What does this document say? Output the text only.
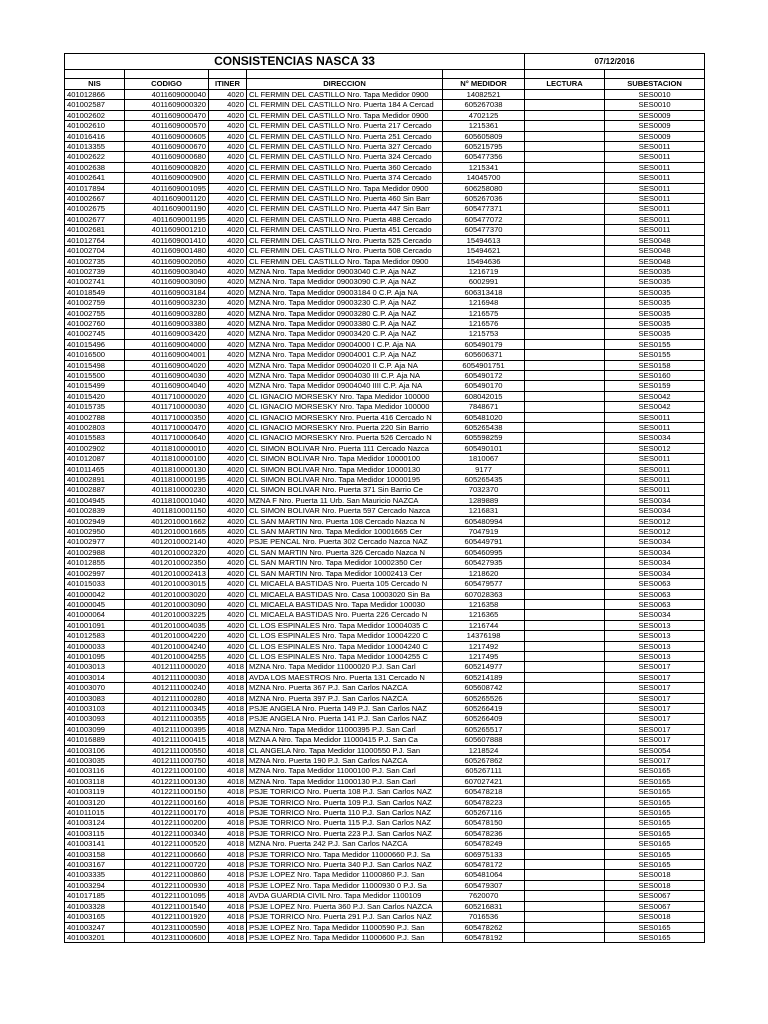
CONSISTENCIAS NASCA 33					07/12/2016	

NIS	CODIGO	ITINER	DIRECCION	N° MEDIDOR	LECTURA	SUBESTACION
401012866	4011609000040	4020	CL FERMIN DEL CASTILLO Nro. Tapa Medidor 0900	14082521		SES0010
401002587	4011609000320	4020	CL FERMIN DEL CASTILLO Nro. Puerta 184 A Cercad	605267038		SES0010
401002602	4011609000470	4020	CL FERMIN DEL CASTILLO Nro. Tapa Medidor 0900	4702125		SES0009
401002610	4011609000570	4020	CL FERMIN DEL CASTILLO Nro. Puerta 217 Cercado	1215361		SES0009
401016416	4011609000605	4020	CL FERMIN DEL CASTILLO Nro. Puerta 251 Cercado	605605809		SES0009
401013355	4011609000670	4020	CL FERMIN DEL CASTILLO Nro. Puerta 327 Cercado	605215795		SES0011
401002622	4011609000680	4020	CL FERMIN DEL CASTILLO Nro. Puerta 324 Cercado	605477356		SES0011
401002638	4011609000820	4020	CL FERMIN DEL CASTILLO Nro. Puerta 360 Cercado	1215341		SES0011
401002641	4011609000900	4020	CL FERMIN DEL CASTILLO Nro. Puerta 374 Cercado	14045700		SES0011
401017894	4011609001095	4020	CL FERMIN DEL CASTILLO Nro. Tapa Medidor 0900	606258080		SES0011
401002667	4011609001120	4020	CL FERMIN DEL CASTILLO Nro. Puerta 460 Sin Barr	605267036		SES0011
401002675	4011609001190	4020	CL FERMIN DEL CASTILLO Nro. Puerta 447 Sin Barr	605477371		SES0011
401002677	4011609001195	4020	CL FERMIN DEL CASTILLO Nro. Puerta 488 Cercado	605477072		SES0011
401002681	4011609001210	4020	CL FERMIN DEL CASTILLO Nro. Puerta 451 Cercado	605477370		SES0011
401012764	4011609001410	4020	CL FERMIN DEL CASTILLO Nro. Puerta 525 Cercado	15494613		SES0048
401002704	4011609001480	4020	CL FERMIN DEL CASTILLO Nro. Puerta 508 Cercado	15494621		SES0048
401002735	4011609002050	4020	CL FERMIN DEL CASTILLO Nro. Tapa Medidor 0900	15494636		SES0048
401002739	4011609003040	4020	MZNA Nro. Tapa Medidor 09003040 C.P. Aja NAZ	1216719		SES0035
401002741	4011609003090	4020	MZNA Nro. Tapa Medidor 09003090 C.P. Aja NAZ	6002991		SES0035
401018549	4011609003184	4020	MZNA Nro. Tapa Medidor 09003184 0 C.P. Aja NA	606313418		SES0035
401002759	4011609003230	4020	MZNA Nro. Tapa Medidor 09003230 C.P. Aja NAZ	1216948		SES0035
401002755	4011609003280	4020	MZNA Nro. Tapa Medidor 09003280 C.P. Aja NAZ	1216575		SES0035
401002760	4011609003380	4020	MZNA Nro. Tapa Medidor 09003380 C.P. Aja NAZ	1216576		SES0035
401002745	4011609003420	4020	MZNA Nro. Tapa Medidor 09003420 C.P. Aja NAZ	1215753		SES0035
401015496	4011609004000	4020	MZNA Nro. Tapa Medidor 09004000 I C.P. Aja NA	605490179		SES0155
401016500	4011609004001	4020	MZNA Nro. Tapa Medidor 09004001 C.P. Aja NAZ	605606371		SES0155
401015498	4011609004020	4020	MZNA Nro. Tapa Medidor 09004020 II C.P. Aja NA	6054901751		SES0158
401015500	4011609004030	4020	MZNA Nro. Tapa Medidor 09004030 III C.P. Aja NA	605490172		SES0160
401015499	4011609004040	4020	MZNA Nro. Tapa Medidor 09004040 IIII C.P. Aja NA	605490170		SES0159
401015420	4011710000020	4020	CL IGNACIO MORSESKY Nro. Tapa Medidor 100000	608042015		SES0042
401015735	4011710000030	4020	CL IGNACIO MORSESKY Nro. Tapa Medidor 100000	7848671		SES0042
401002788	4011710000350	4020	CL IGNACIO MORSESKY Nro. Puerta 416 Cercado N	605481020		SES0011
401002803	4011710000470	4020	CL IGNACIO MORSESKY Nro. Puerta 220 Sin Barrio	605265438		SES0011
401015583	4011710000640	4020	CL IGNACIO MORSESKY Nro. Puerta 526 Cercado N	605598259		SES0034
401002902	4011810000010	4020	CL SIMON BOLIVAR Nro. Puerta 111 Cercado Nazca	605490101		SES0012
401012087	4011810000100	4020	CL SIMON BOLIVAR Nro. Tapa Medidor 10000100	1810067		SES0011
401011465	4011810000130	4020	CL SIMON BOLIVAR Nro. Tapa Medidor 10000130	9177		SES0011
401002891	4011810000195	4020	CL SIMON BOLIVAR Nro. Tapa Medidor 10000195	605265435		SES0011
401002887	4011810000230	4020	CL SIMON BOLIVAR Nro. Puerta 371 Sin Barrio Ce	7032370		SES0011
401004945	4011810001040	4020	MZNA F Nro. Puerta 11 Urb. San Mauricio NAZCA	1289889		SES0034
401002839	4011810001150	4020	CL SIMON BOLIVAR Nro. Puerta 597 Cercado Nazca	1216831		SES0034
401002949	4012010001662	4020	CL SAN MARTIN Nro. Puerta 108 Cercado Nazca N	605480994		SES0012
401002950	4012010001665	4020	CL SAN MARTIN Nro. Tapa Medidor 10001665 Cer	7047919		SES0012
401002977	4012010002140	4020	PSJE PENCAL Nro. Puerta 302 Cercado Nazca NAZ	605449791		SES0034
401002988	4012010002320	4020	CL SAN MARTIN Nro. Puerta 326 Cercado Nazca N	605460995		SES0034
401012855	4012010002350	4020	CL SAN MARTIN Nro. Tapa Medidor 10002350 Cer	605427935		SES0034
401002997	4012010002413	4020	CL SAN MARTIN Nro. Tapa Medidor 10002413 Cer	1218620		SES0034
401015033	4012010003015	4020	CL MICAELA BASTIDAS Nro. Puerta 105 Cercado N	605479577		SES0063
401000042	4012010003020	4020	CL MICAELA BASTIDAS Nro. Casa 10003020 Sin Ba	607028363		SES0063
401000045	4012010003090	4020	CL MICAELA BASTIDAS Nro. Tapa Medidor 100030	1216358		SES0063
401000064	4012010003225	4020	CL MICAELA BASTIDAS Nro. Puerta 226 Cercado N	1216365		SES0034
401001091	4012010004035	4020	CL LOS ESPINALES Nro. Tapa Medidor 10004035 C	1216744		SES0013
401012583	4012010004220	4020	CL LOS ESPINALES Nro. Tapa Medidor 10004220 C	14376198		SES0013
401000033	4012010004240	4020	CL LOS ESPINALES Nro. Tapa Medidor 10004240 C	1217492		SES0013
401001095	4012010004255	4020	CL LOS ESPINALES Nro. Tapa Medidor 10004255 C	1217495		SES0013
401003013	4012111000020	4018	MZNA Nro. Tapa Medidor 11000020 P.J. San Carl	605214977		SES0017
401003014	4012111000030	4018	AVDA LOS MAESTROS Nro. Puerta 131 Cercado N	605214189		SES0017
401003070	4012111000240	4018	MZNA Nro. Puerta 367 P.J. San Carlos NAZCA	605608742		SES0017
401003083	4012111000280	4018	MZNA Nro. Puerta 397 P.J. San Carlos NAZCA	605265526		SES0017
401003103	4012111000345	4018	PSJE ANGELA Nro. Puerta 149 P.J. San Carlos NAZ	605266419		SES0017
401003093	4012111000355	4018	PSJE ANGELA Nro. Puerta 141 P.J. San Carlos NAZ	605266409		SES0017
401003099	4012111000395	4018	MZNA Nro. Tapa Medidor 11000395 P.J. San Carl	605265517		SES0017
401016889	4012111000415	4018	MZNA A Nro. Tapa Medidor 11000415 P.J. San Ca	605607888		SES0017
401003106	4012111000550	4018	CL ANGELA Nro. Tapa Medidor 11000550 P.J. San	1218524		SES0054
401003035	4012111000750	4018	MZNA Nro. Puerta 190 P.J. San Carlos NAZCA	605267862		SES0017
401003116	4012211000100	4018	MZNA Nro. Tapa Medidor 11000100 P.J. San Carl	605267111		SES0165
401003118	4012211000130	4018	MZNA Nro. Tapa Medidor 11000130 P.J. San Carl	607027421		SES0165
401003119	4012211000150	4018	PSJE TORRICO Nro. Puerta 108 P.J. San Carlos NAZ	605478218		SES0165
401003120	4012211000160	4018	PSJE TORRICO Nro. Puerta 109 P.J. San Carlos NAZ	605478223		SES0165
401011015	4012211000170	4018	PSJE TORRICO Nro. Puerta 110 P.J. San Carlos NAZ	605267116		SES0165
401003124	4012211000200	4018	PSJE TORRICO Nro. Puerta 115 P.J. San Carlos NAZ	605478150		SES0165
401003115	4012211000340	4018	PSJE TORRICO Nro. Puerta 223 P.J. San Carlos NAZ	605478236		SES0165
401003141	4012211000520	4018	MZNA Nro. Puerta 242 P.J. San Carlos NAZCA	605478249		SES0165
401003158	4012211000660	4018	PSJE TORRICO Nro. Tapa Medidor 11000660 P.J. Sa	606975133		SES0165
401003167	4012211000720	4018	PSJE TORRICO Nro. Puerta 340 P.J. San Carlos NAZ	605478172		SES0165
401003335	4012211000860	4018	PSJE LOPEZ Nro. Tapa Medidor 11000860 P.J. San	605481064		SES0018
401003294	4012211000930	4018	PSJE LOPEZ Nro. Tapa Medidor 11000930 0 P.J. Sa	605479307		SES0018
401017185	4012211001095	4018	AVDA GUARDIA CIVIL Nro. Tapa Medidor 1100109	7620070		SES0067
401003328	4012211001540	4018	PSJE LOPEZ Nro. Puerta 360 P.J. San Carlos NAZCA	605216831		SES0067
401003165	4012211001920	4018	PSJE TORRICO Nro. Puerta 291 P.J. San Carlos NAZ	7016536		SES0018
401003247	4012311000590	4018	PSJE LOPEZ Nro. Tapa Medidor 11000590 P.J. San	605478262		SES0165
401003201	4012311000600	4018	PSJE LOPEZ Nro. Tapa Medidor 11000600 P.J. San	605478192		SES0165
